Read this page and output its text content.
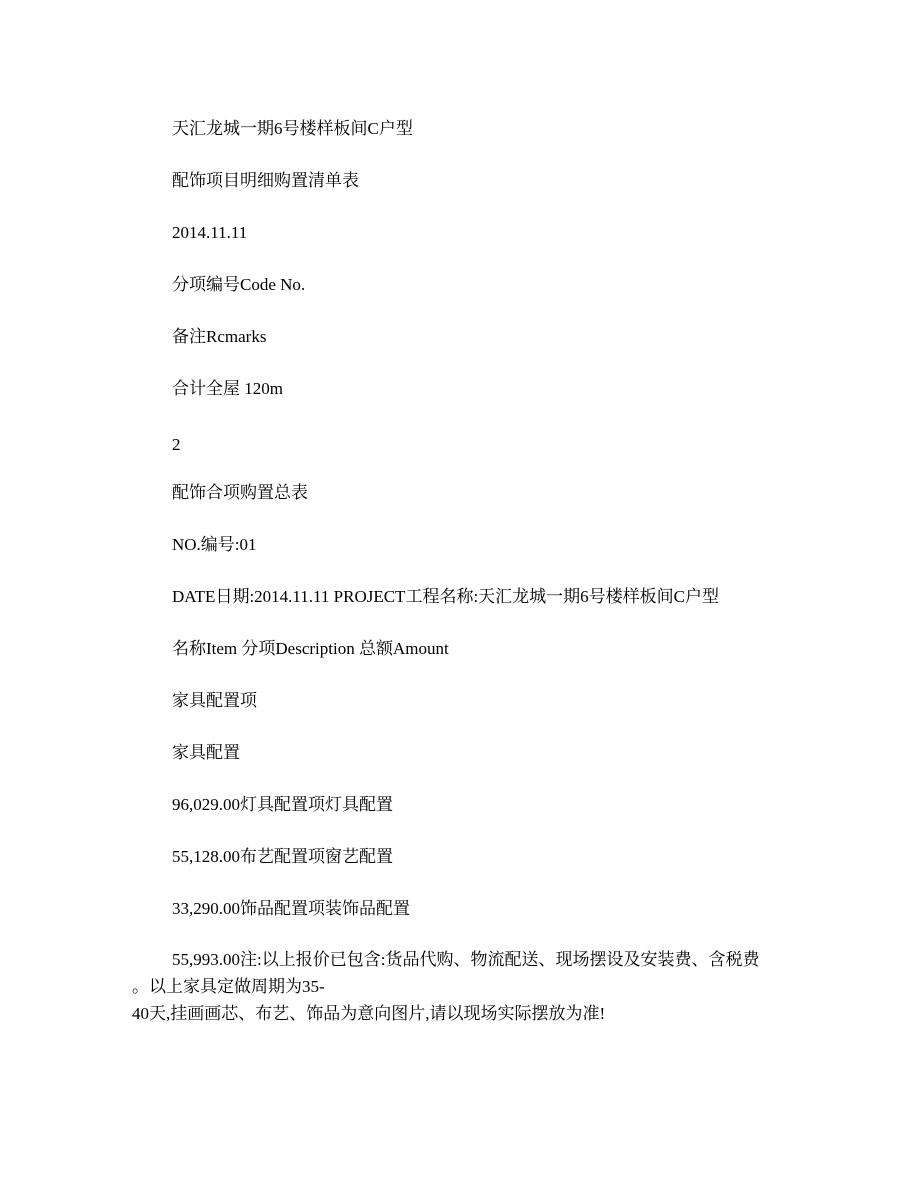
天汇龙城一期6号楼样板间C户型
配饰项目明细购置清单表
2014.11.11
分项编号Code No.
备注Rcmarks
合计全屋 120m
2
配饰合项购置总表
NO.编号:01
DATE日期:2014.11.11 PROJECT工程名称:天汇龙城一期6号楼样板间C户型
名称Item 分项Description 总额Amount
家具配置项
家具配置
96,029.00灯具配置项灯具配置
55,128.00布艺配置项窗艺配置
33,290.00饰品配置项装饰品配置
55,993.00注:以上报价已包含:货品代购、物流配送、现场摆设及安装费、含税费
。以上家具定做周期为35-
40天,挂画画芯、布艺、饰品为意向图片,请以现场实际摆放为准!
